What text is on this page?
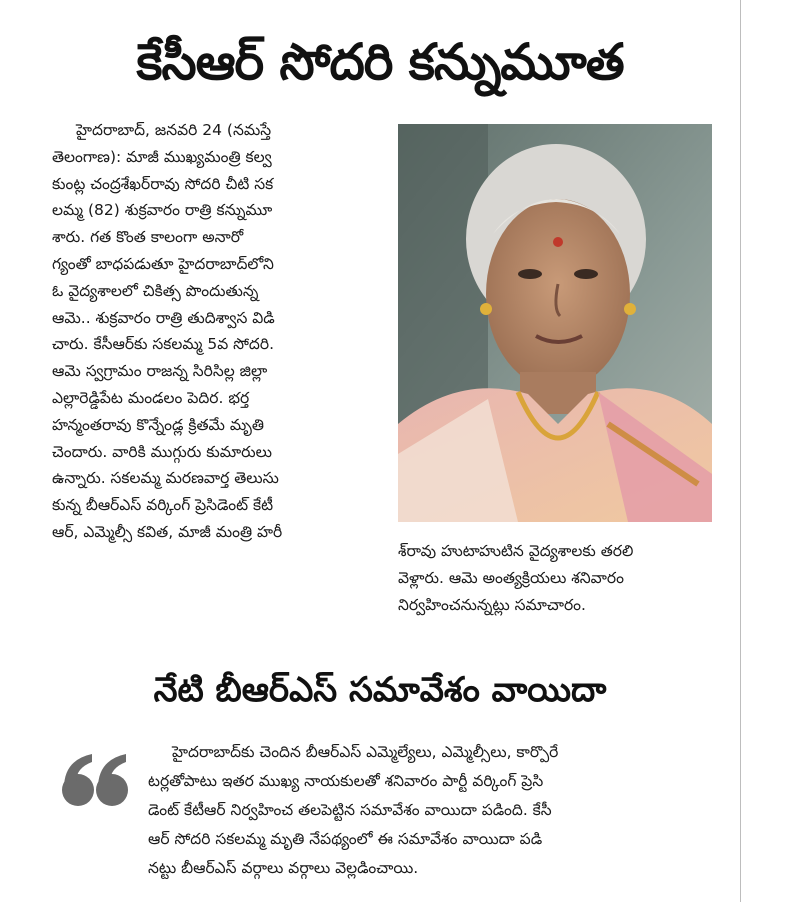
కేసీఆర్ సోదరి కన్నుమూత
హైదరాబాద్, జనవరి 24 (నమస్తే
తెలంగాణ): మాజీ ముఖ్యమంత్రి కల్వ
కుంట్ల చంద్రశేఖర్‌రావు సోదరి చీటి సక
లమ్మ (82) శుక్రవారం రాత్రి కన్నుమూ
శారు. గత కొంత కాలంగా అనారో
గ్యంతో బాధపడుతూ హైదరాబాద్‌లోని
ఓ వైద్యశాలలో చికిత్స పొందుతున్న
ఆమె.. శుక్రవారం రాత్రి తుదిశ్వాస విడి
చారు. కేసీఆర్‌కు సకలమ్మ 5వ సోదరి.
ఆమె స్వగ్రామం రాజన్న సిరిసిల్ల జిల్లా
ఎల్లారెడ్డిపేట మండలం పెదిర. భర్త
హన్మంతరావు కొన్నేండ్ల క్రితమే మృతి
చెందారు. వారికి ముగ్గురు కుమారులు
ఉన్నారు. సకలమ్మ మరణవార్త తెలుసు
కున్న బీఆర్‌ఎస్ వర్కింగ్ ప్రెసిడెంట్ కేటీ
ఆర్, ఎమ్మెల్సీ కవిత, మాజీ మంత్రి హరీ
శ్‌రావు హుటాహుటిన వైద్యశాలకు తరలి
వెళ్లారు. ఆమె అంత్యక్రియలు శనివారం
నిర్వహించనున్నట్లు సమాచారం.
నేటి బీఆర్‌ఎస్ సమావేశం వాయిదా
హైదరాబాద్‌కు చెందిన బీఆర్‌ఎస్ ఎమ్మెల్యేలు, ఎమ్మెల్సీలు, కార్పొరే
టర్లతోపాటు ఇతర ముఖ్య నాయకులతో శనివారం పార్టీ వర్కింగ్ ప్రెసి
డెంట్ కేటీఆర్ నిర్వహించ తలపెట్టిన సమావేశం వాయిదా పడింది. కేసీ
ఆర్ సోదరి సకలమ్మ మృతి నేపథ్యంలో ఈ సమావేశం వాయిదా పడి
నట్టు బీఆర్‌ఎస్ వర్గాలు వర్గాలు వెల్లడించాయి.
